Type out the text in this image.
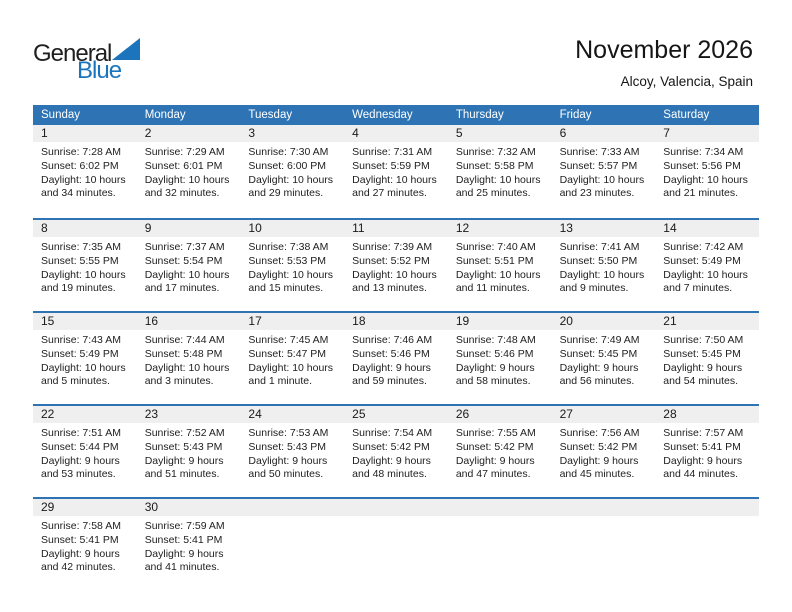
General
Blue
November 2026
Alcoy, Valencia, Spain
Sunday	Monday	Tuesday	Wednesday	Thursday	Friday	Saturday
1	2	3	4	5	6	7
Sunrise: 7:28 AM
Sunset: 6:02 PM
Daylight: 10 hours
and 34 minutes.
Sunrise: 7:29 AM
Sunset: 6:01 PM
Daylight: 10 hours
and 32 minutes.
Sunrise: 7:30 AM
Sunset: 6:00 PM
Daylight: 10 hours
and 29 minutes.
Sunrise: 7:31 AM
Sunset: 5:59 PM
Daylight: 10 hours
and 27 minutes.
Sunrise: 7:32 AM
Sunset: 5:58 PM
Daylight: 10 hours
and 25 minutes.
Sunrise: 7:33 AM
Sunset: 5:57 PM
Daylight: 10 hours
and 23 minutes.
Sunrise: 7:34 AM
Sunset: 5:56 PM
Daylight: 10 hours
and 21 minutes.
8	9	10	11	12	13	14
Sunrise: 7:35 AM
Sunset: 5:55 PM
Daylight: 10 hours
and 19 minutes.
Sunrise: 7:37 AM
Sunset: 5:54 PM
Daylight: 10 hours
and 17 minutes.
Sunrise: 7:38 AM
Sunset: 5:53 PM
Daylight: 10 hours
and 15 minutes.
Sunrise: 7:39 AM
Sunset: 5:52 PM
Daylight: 10 hours
and 13 minutes.
Sunrise: 7:40 AM
Sunset: 5:51 PM
Daylight: 10 hours
and 11 minutes.
Sunrise: 7:41 AM
Sunset: 5:50 PM
Daylight: 10 hours
and 9 minutes.
Sunrise: 7:42 AM
Sunset: 5:49 PM
Daylight: 10 hours
and 7 minutes.
15	16	17	18	19	20	21
Sunrise: 7:43 AM
Sunset: 5:49 PM
Daylight: 10 hours
and 5 minutes.
Sunrise: 7:44 AM
Sunset: 5:48 PM
Daylight: 10 hours
and 3 minutes.
Sunrise: 7:45 AM
Sunset: 5:47 PM
Daylight: 10 hours
and 1 minute.
Sunrise: 7:46 AM
Sunset: 5:46 PM
Daylight: 9 hours
and 59 minutes.
Sunrise: 7:48 AM
Sunset: 5:46 PM
Daylight: 9 hours
and 58 minutes.
Sunrise: 7:49 AM
Sunset: 5:45 PM
Daylight: 9 hours
and 56 minutes.
Sunrise: 7:50 AM
Sunset: 5:45 PM
Daylight: 9 hours
and 54 minutes.
22	23	24	25	26	27	28
Sunrise: 7:51 AM
Sunset: 5:44 PM
Daylight: 9 hours
and 53 minutes.
Sunrise: 7:52 AM
Sunset: 5:43 PM
Daylight: 9 hours
and 51 minutes.
Sunrise: 7:53 AM
Sunset: 5:43 PM
Daylight: 9 hours
and 50 minutes.
Sunrise: 7:54 AM
Sunset: 5:42 PM
Daylight: 9 hours
and 48 minutes.
Sunrise: 7:55 AM
Sunset: 5:42 PM
Daylight: 9 hours
and 47 minutes.
Sunrise: 7:56 AM
Sunset: 5:42 PM
Daylight: 9 hours
and 45 minutes.
Sunrise: 7:57 AM
Sunset: 5:41 PM
Daylight: 9 hours
and 44 minutes.
29	30
Sunrise: 7:58 AM
Sunset: 5:41 PM
Daylight: 9 hours
and 42 minutes.
Sunrise: 7:59 AM
Sunset: 5:41 PM
Daylight: 9 hours
and 41 minutes.
